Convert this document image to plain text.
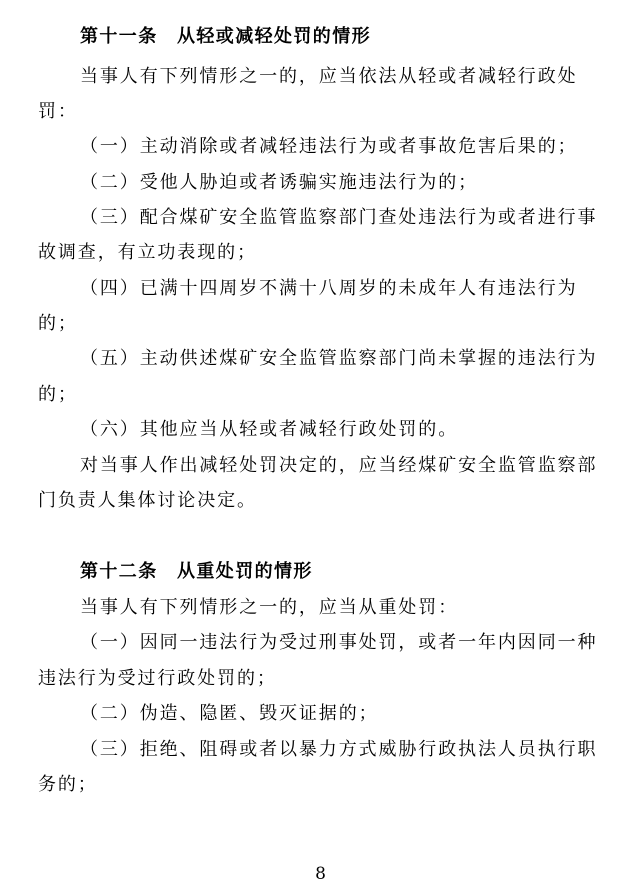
第十一条　从轻或减轻处罚的情形
当事人有下列情形之一的，应当依法从轻或者减轻行政处
罚：
（一）主动消除或者减轻违法行为或者事故危害后果的；
（二）受他人胁迫或者诱骗实施违法行为的；
（三）配合煤矿安全监管监察部门查处违法行为或者进行事
故调查，有立功表现的；
（四）已满十四周岁不满十八周岁的未成年人有违法行为
的；
（五）主动供述煤矿安全监管监察部门尚未掌握的违法行为
的；
（六）其他应当从轻或者减轻行政处罚的。
对当事人作出减轻处罚决定的，应当经煤矿安全监管监察部
门负责人集体讨论决定。
第十二条　从重处罚的情形
当事人有下列情形之一的，应当从重处罚：
（一）因同一违法行为受过刑事处罚，或者一年内因同一种
违法行为受过行政处罚的；
（二）伪造、隐匿、毁灭证据的；
（三）拒绝、阻碍或者以暴力方式威胁行政执法人员执行职
务的；
8
